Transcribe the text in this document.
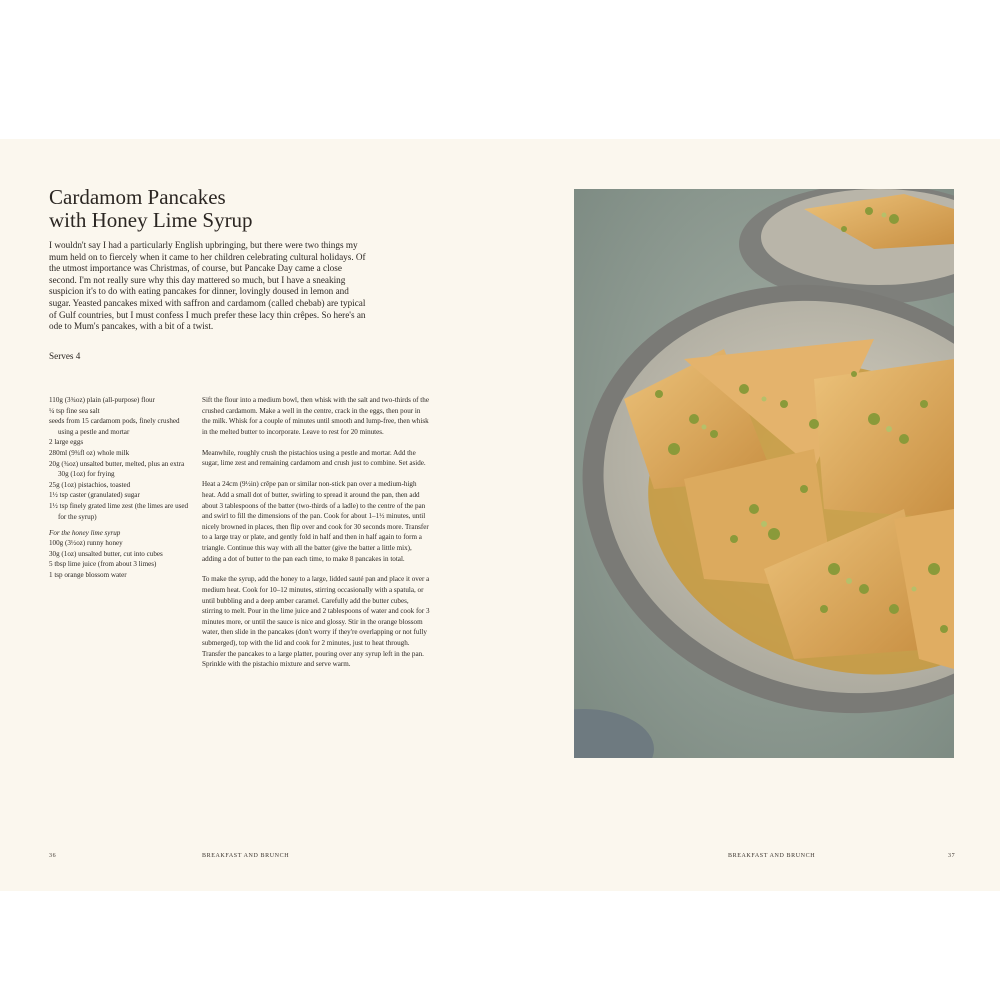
Cardamom Pancakes
with Honey Lime Syrup

I wouldn't say I had a particularly English upbringing, but there were two things my mum held on to fiercely when it came to her children celebrating cultural holidays. Of the utmost importance was Christmas, of course, but Pancake Day came a close second. I'm not really sure why this day mattered so much, but I have a sneaking suspicion it's to do with eating pancakes for dinner, lovingly doused in lemon and sugar. Yeasted pancakes mixed with saffron and cardamom (called chebab) are typical of Gulf countries, but I must confess I much prefer these lacy thin crêpes. So here's an ode to Mum's pancakes, with a bit of a twist.

Serves 4

110g (3¾oz) plain (all-purpose) flour
¼ tsp fine sea salt
seeds from 15 cardamom pods, finely crushed using a pestle and mortar
2 large eggs
280ml (9¾fl oz) whole milk
20g (¾oz) unsalted butter, melted, plus an extra 30g (1oz) for frying
25g (1oz) pistachios, toasted
1½ tsp caster (granulated) sugar
1½ tsp finely grated lime zest (the limes are used for the syrup)
For the honey lime syrup
100g (3½oz) runny honey
30g (1oz) unsalted butter, cut into cubes
5 tbsp lime juice (from about 3 limes)
1 tsp orange blossom water

Sift the flour into a medium bowl, then whisk with the salt and two-thirds of the crushed cardamom. Make a well in the centre, crack in the eggs, then pour in the milk. Whisk for a couple of minutes until smooth and lump-free, then whisk in the melted butter to incorporate. Leave to rest for 20 minutes.

Meanwhile, roughly crush the pistachios using a pestle and mortar. Add the sugar, lime zest and remaining cardamom and crush just to combine. Set aside.

Heat a 24cm (9½in) crêpe pan or similar non-stick pan over a medium-high heat. Add a small dot of butter, swirling to spread it around the pan, then add about 3 tablespoons of the batter (two-thirds of a ladle) to the centre of the pan and swirl to fill the dimensions of the pan. Cook for about 1–1½ minutes, until nicely browned in places, then flip over and cook for 30 seconds more. Transfer to a large tray or plate, and gently fold in half and then in half again to form a triangle. Continue this way with all the batter (give the batter a little mix), adding a dot of butter to the pan each time, to make 8 pancakes in total.

To make the syrup, add the honey to a large, lidded sauté pan and place it over a medium heat. Cook for 10–12 minutes, stirring occasionally with a spatula, or until bubbling and a deep amber caramel. Carefully add the butter cubes, stirring to melt. Pour in the lime juice and 2 tablespoons of water and cook for 3 minutes more, or until the sauce is nice and glossy. Stir in the orange blossom water, then slide in the pancakes (don't worry if they're overlapping or not fully submerged), top with the lid and cook for 2 minutes, just to heat through. Transfer the pancakes to a large platter, pouring over any syrup left in the pan. Sprinkle with the pistachio mixture and serve warm.

36	BREAKFAST AND BRUNCH	BREAKFAST AND BRUNCH	37
